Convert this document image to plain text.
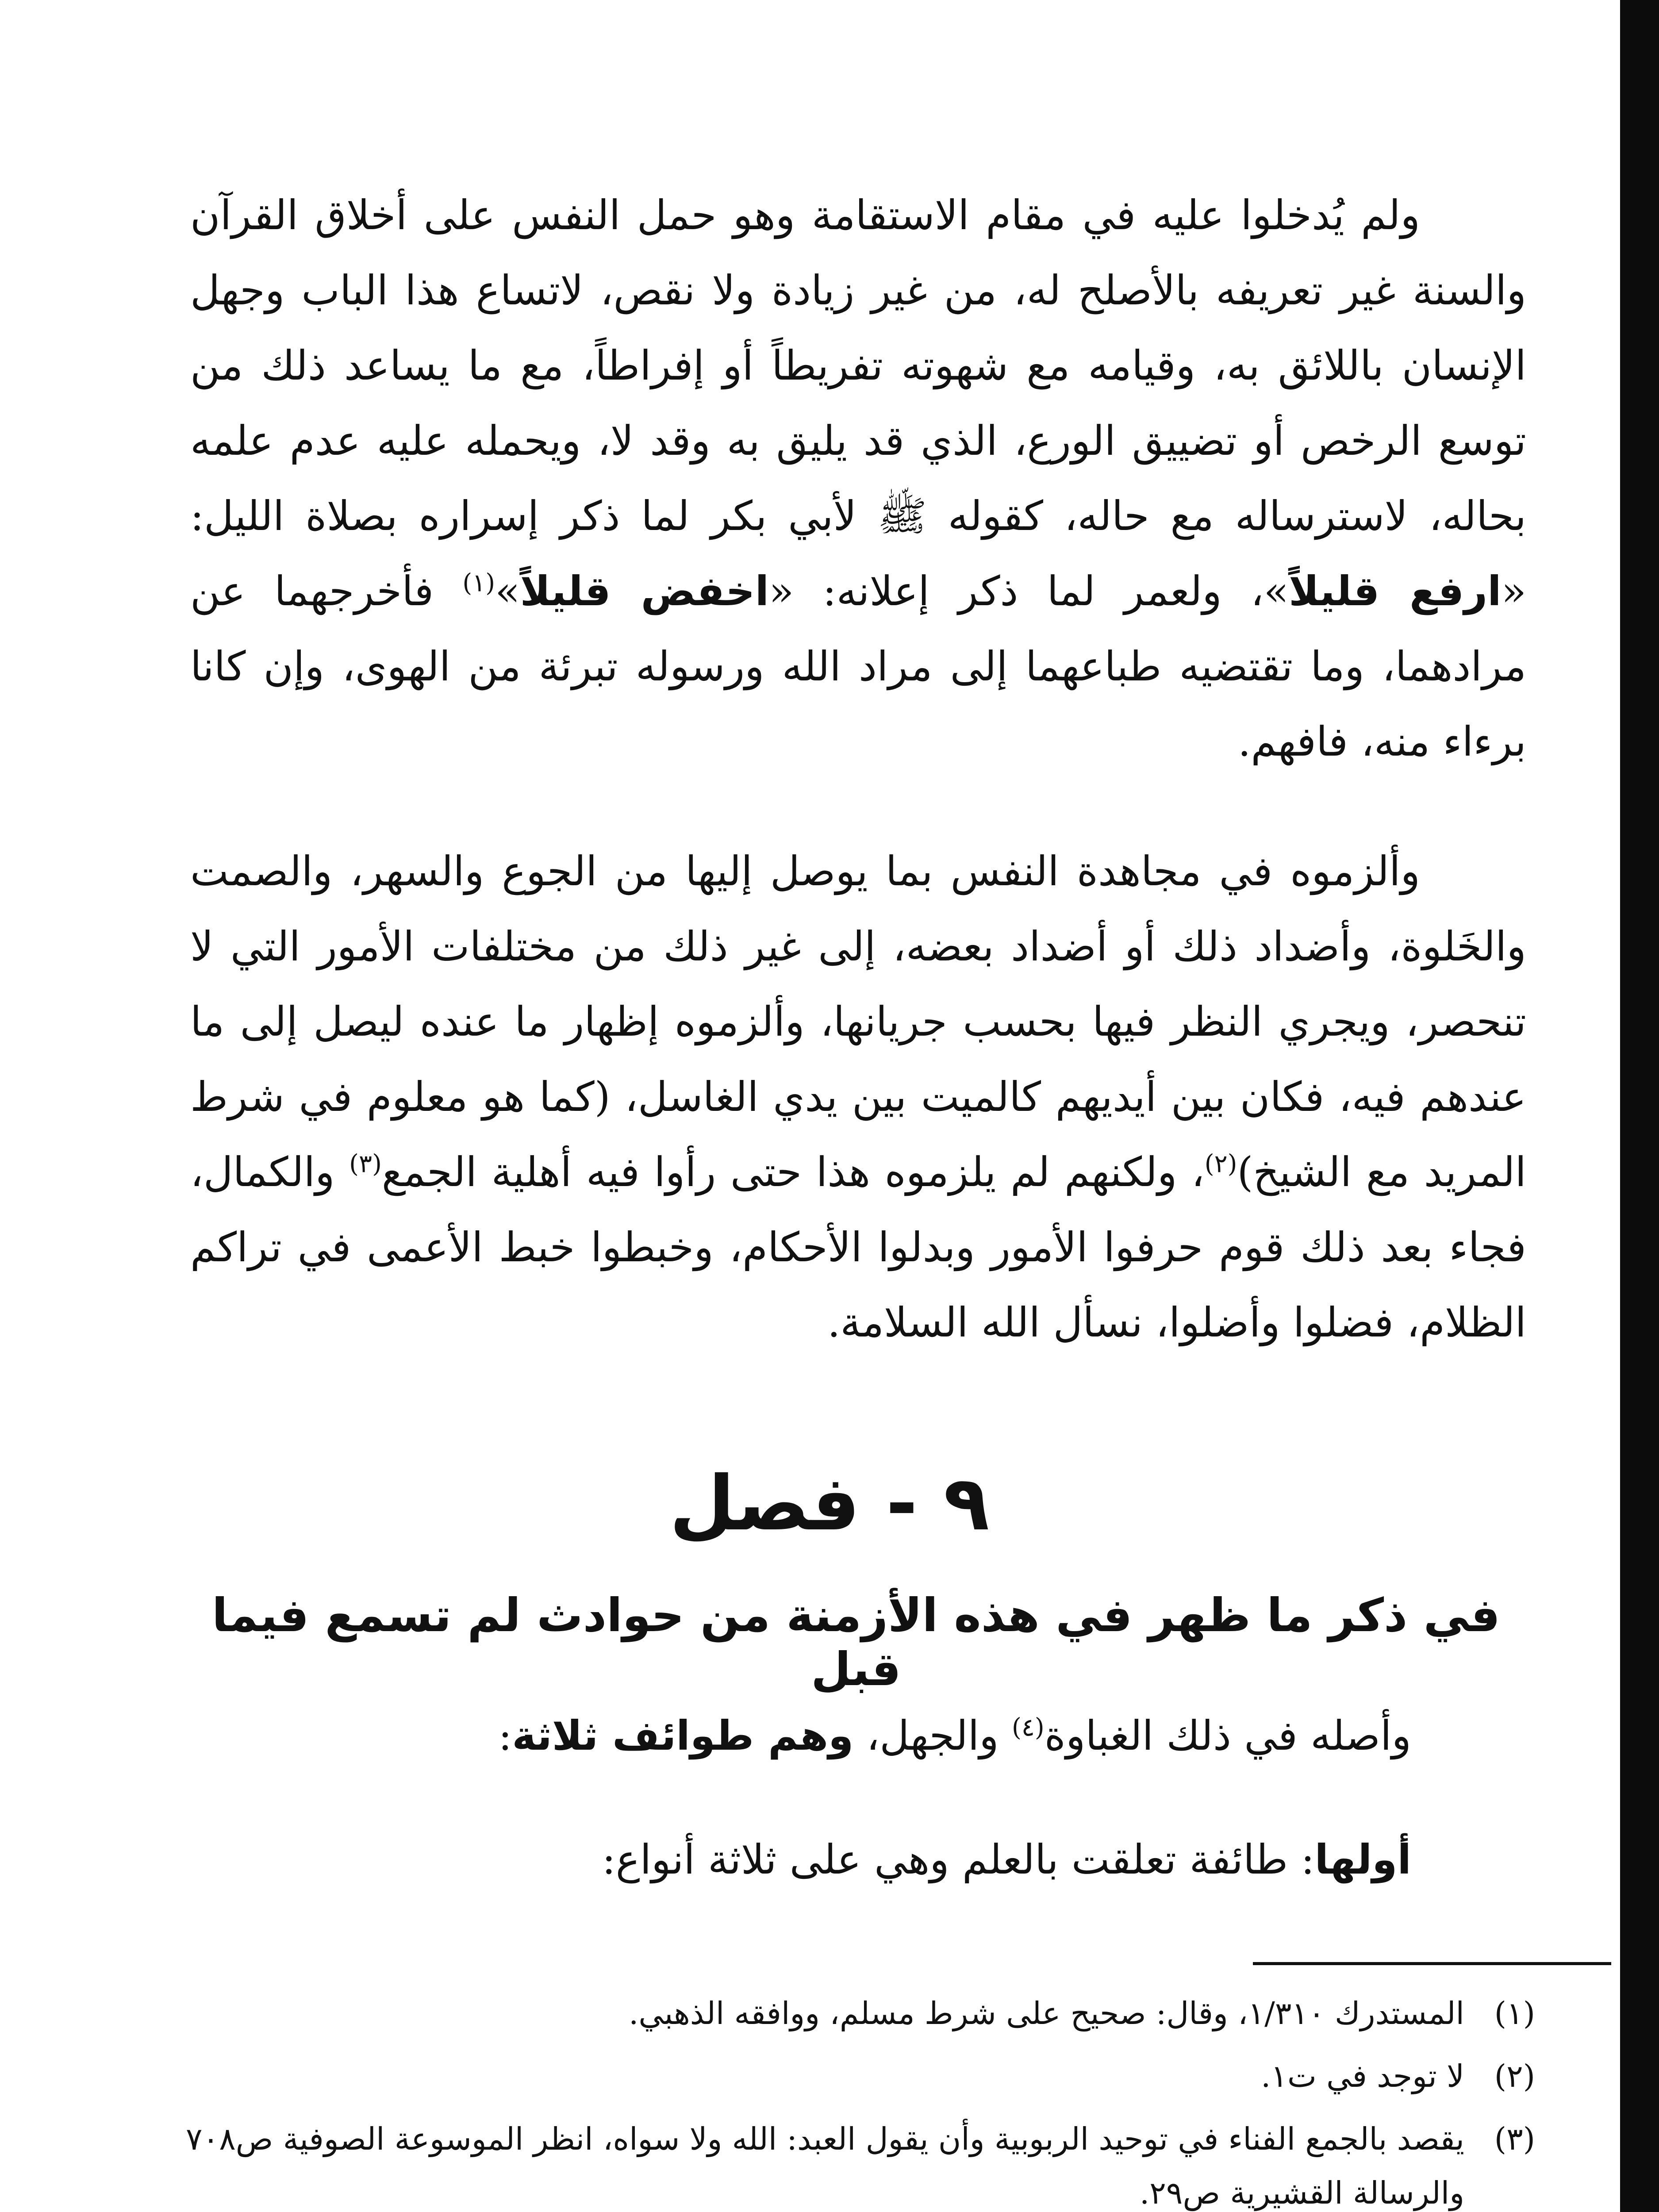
ولم يُدخلوا عليه في مقام الاستقامة وهو حمل النفس على أخلاق القرآن والسنة غير تعريفه بالأصلح له، من غير زيادة ولا نقص، لاتساع هذا الباب وجهل الإنسان باللائق به، وقيامه مع شهوته تفريطاً أو إفراطاً، مع ما يساعد ذلك من توسع الرخص أو تضييق الورع، الذي قد يليق به وقد لا، ويحمله عليه عدم علمه بحاله، لاسترساله مع حاله، كقوله ﷺ لأبي بكر لما ذكر إسراره بصلاة الليل: «ارفع قليلاً»، ولعمر لما ذكر إعلانه: «اخفض قليلاً»$^{(١)}$ فأخرجهما عن مرادهما، وما تقتضيه طباعهما إلى مراد الله ورسوله تبرئة من الهوى، وإن كانا برءاء منه، فافهم.

وألزموه في مجاهدة النفس بما يوصل إليها من الجوع والسهر، والصمت والخَلوة، وأضداد ذلك أو أضداد بعضه، إلى غير ذلك من مختلفات الأمور التي لا تنحصر، ويجري النظر فيها بحسب جريانها، وألزموه إظهار ما عنده ليصل إلى ما عندهم فيه، فكان بين أيديهم كالميت بين يدي الغاسل، (كما هو معلوم في شرط المريد مع الشيخ)$^{(٢)}$، ولكنهم لم يلزموه هذا حتى رأوا فيه أهلية الجمع$^{(٣)}$ والكمال، فجاء بعد ذلك قوم حرفوا الأمور وبدلوا الأحكام، وخبطوا خبط الأعمى في تراكم الظلام، فضلوا وأضلوا، نسأل الله السلامة.

٩ - فصل
في ذكر ما ظهر في هذه الأزمنة من حوادث لم تسمع فيما قبل
وأصله في ذلك الغباوة$^{(٤)}$ والجهل، وهم طوائف ثلاثة:
أولها: طائفة تعلقت بالعلم وهي على ثلاثة أنواع:
(١)
المستدرك ١/٣١٠، وقال: صحيح على شرط مسلم، ووافقه الذهبي.
(٢)
لا توجد في ت١.
(٣)
يقصد بالجمع الفناء في توحيد الربوبية وأن يقول العبد: الله ولا سواه، انظر الموسوعة الصوفية ص٧٠٨ والرسالة القشيرية ص٢٩.
